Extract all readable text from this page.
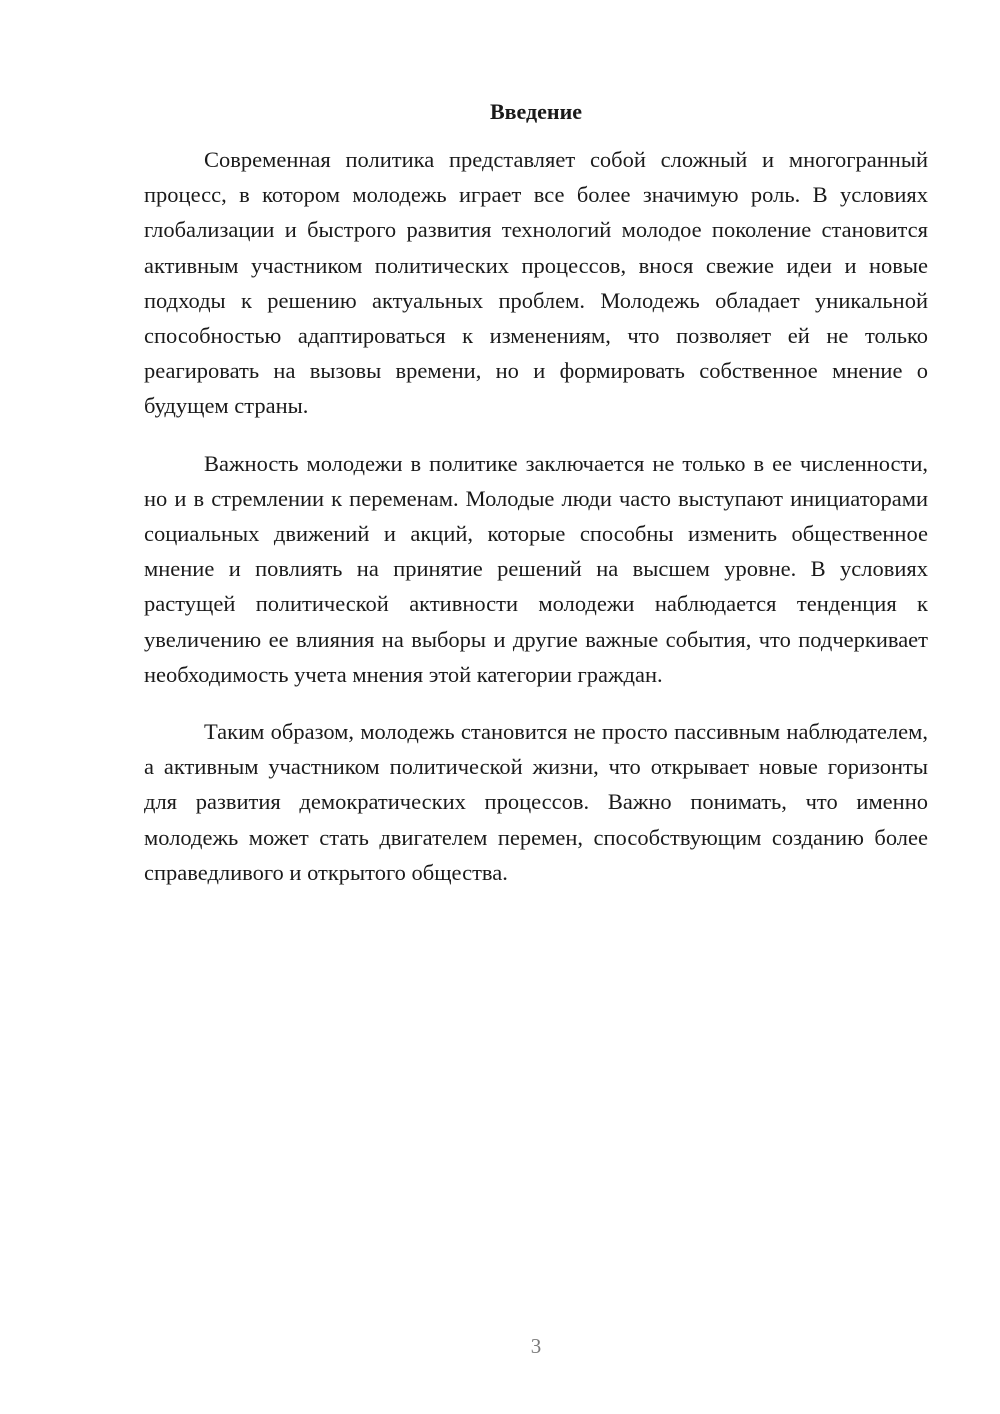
Введение

Современная политика представляет собой сложный и многогранный процесс, в котором молодежь играет все более значимую роль. В условиях глобализации и быстрого развития технологий молодое поколение становится активным участником политических процессов, внося свежие идеи и новые подходы к решению актуальных проблем. Молодежь обладает уникальной способностью адаптироваться к изменениям, что позволяет ей не только реагировать на вызовы времени, но и формировать собственное мнение о будущем страны.

Важность молодежи в политике заключается не только в ее численности, но и в стремлении к переменам. Молодые люди часто выступают инициаторами социальных движений и акций, которые способны изменить общественное мнение и повлиять на принятие решений на высшем уровне. В условиях растущей политической активности молодежи наблюдается тенденция к увеличению ее влияния на выборы и другие важные события, что подчеркивает необходимость учета мнения этой категории граждан.

Таким образом, молодежь становится не просто пассивным наблюдателем, а активным участником политической жизни, что открывает новые горизонты для развития демократических процессов. Важно понимать, что именно молодежь может стать двигателем перемен, способствующим созданию более справедливого и открытого общества.

3
